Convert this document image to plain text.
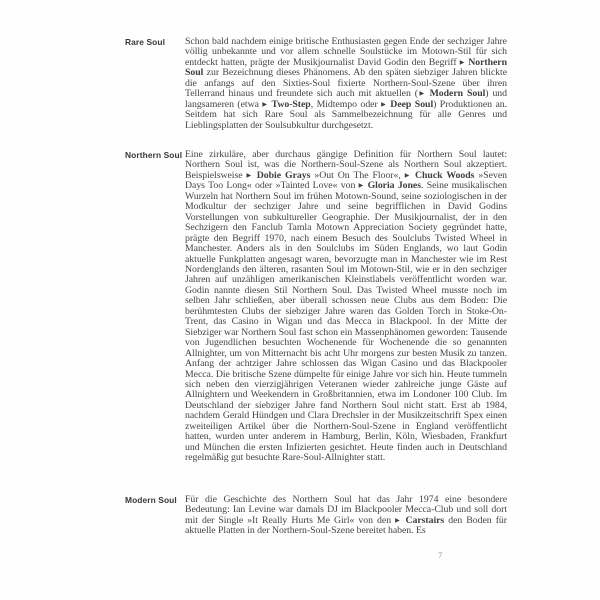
Rare Soul	Schon bald nachdem einige britische Enthusiasten gegen Ende der sechziger Jahre völlig unbekannte und vor allem schnelle Soulstücke im Motown-Stil für sich entdeckt hatten, prägte der Musikjournalist David Godin den Begriff ▶ Northern Soul zur Bezeichnung dieses Phänomens. Ab den späten siebziger Jahren blickte die anfangs auf den Sixties-Soul fixierte Northern-Soul-Szene über ihren Tellerrand hinaus und freundete sich auch mit aktuellen (▶ Modern Soul) und langsameren (etwa ▶ Two-Step, Midtempo oder ▶ Deep Soul) Produktionen an. Seitdem hat sich Rare Soul als Sammelbezeichnung für alle Genres und Lieblingsplatten der Soulsubkultur durchgesetzt.
Northern Soul Eine zirkuläre, aber durchaus gängige Definition für Northern Soul lautet: Northern Soul ist, was die Northern-Soul-Szene als Northern Soul akzeptiert. Beispielsweise ▶ Dobie Grays »Out On The Floor«, ▶ Chuck Woods »Seven Days Too Long« oder »Tainted Love« von ▶ Gloria Jones. Seine musikalischen Wurzeln hat Northern Soul im frühen Motown-Sound, seine soziologischen in der Modkultur der sechziger Jahre und seine begrifflichen in David Godins Vorstellungen von subkultureller Geographie. Der Musikjournalist, der in den Sechzigern den Fanclub Tamla Motown Appreciation Society gegründet hatte, prägte den Begriff 1970, nach einem Besuch des Soulclubs Twisted Wheel in Manchester. Anders als in den Soulclubs im Süden Englands, wo laut Godin aktuelle Funkplatten angesagt waren, bevorzugte man in Manchester wie im Rest Nordenglands den älteren, rasanten Soul im Motown-Stil, wie er in den sechziger Jahren auf unzähligen amerikanischen Kleinstlabels veröffentlicht worden war. Godin nannte diesen Stil Northern Soul. Das Twisted Wheel musste noch im selben Jahr schließen, aber überall schossen neue Clubs aus dem Boden: Die berühmtesten Clubs der siebziger Jahre waren das Golden Torch in Stoke-On-Trent, das Casino in Wigan und das Mecca in Blackpool. In der Mitte der Siebziger war Northern Soul fast schon ein Massenphänomen geworden: Tausende von Jugendlichen besuchten Wochenende für Wochenende die so genannten Allnighter, um von Mitternacht bis acht Uhr morgens zur besten Musik zu tanzen. Anfang der achtziger Jahre schlossen das Wigan Casino und das Blackpooler Mecca. Die britische Szene dümpelte für einige Jahre vor sich hin. Heute tummeln sich neben den vierzigjährigen Veteranen wieder zahlreiche junge Gäste auf Allnightern und Weekendern in Großbritannien, etwa im Londoner 100 Club. Im Deutschland der siebziger Jahre fand Northern Soul nicht statt. Erst ab 1984, nachdem Gerald Hündgen und Clara Drechsler in der Musikzeitschrift Spex einen zweiteiligen Artikel über die Northern-Soul-Szene in England veröffentlicht hatten, wurden unter anderem in Hamburg, Berlin, Köln, Wiesbaden, Frankfurt und München die ersten Infizierten gesichtet. Heute finden auch in Deutschland regelmäßig gut besuchte Rare-Soul-Allnighter statt.
Modern Soul Für die Geschichte des Northern Soul hat das Jahr 1974 eine besondere Bedeutung: Ian Levine war damals DJ im Blackpooler Mecca-Club und soll dort mit der Single »It Really Hurts Me Girl« von den ▶ Carstairs den Boden für aktuelle Platten in der Northern-Soul-Szene bereitet haben. Es
7
